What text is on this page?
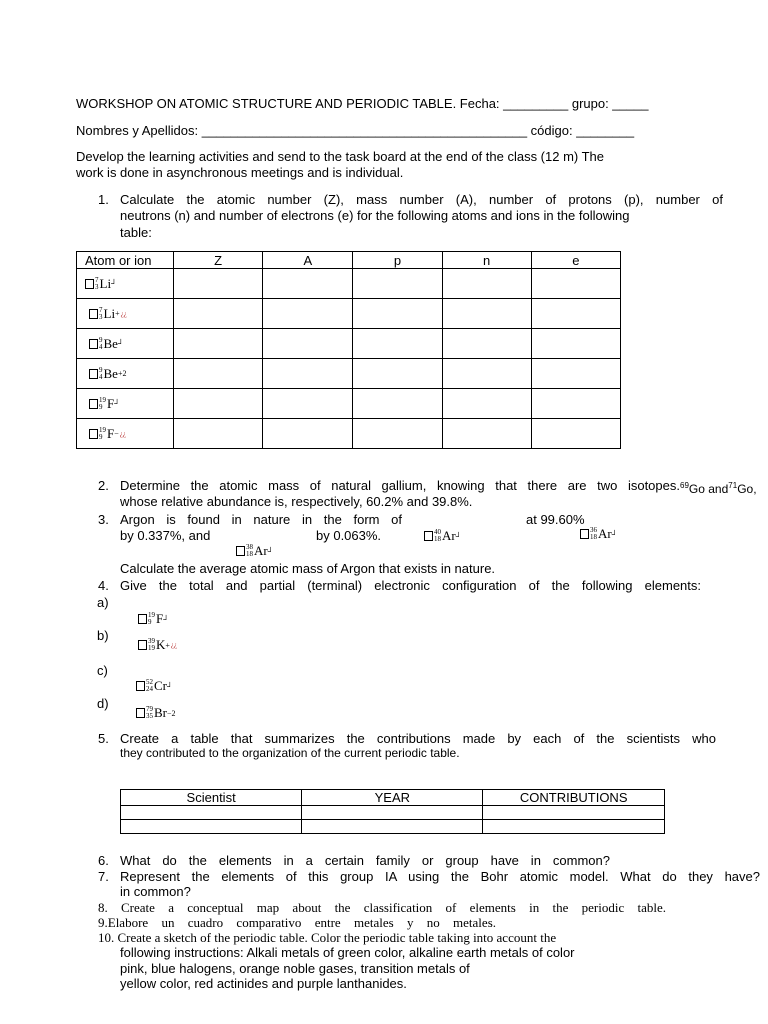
WORKSHOP ON ATOMIC STRUCTURE AND PERIODIC TABLE. Fecha: _________ grupo: _____
Nombres y Apellidos: _____________________________________________ código: ________
Develop the learning activities and send to the task board at the end of the class (12 m) The
work is done in asynchronous meetings and is individual.
1. Calculate the atomic number (Z), mass number (A), number of protons (p), number of
neutrons (n) and number of electrons (e) for the following atoms and ions in the following
table:
Atom or ion	Z	A	p	n	e

7
3 Li ┘					

7
3 Li + ¿¿					

9
4 Be ┘					

9
4 Be +2					

19
9 F ┘					

19
9 F − ¿¿					

2. Determine the atomic mass of natural gallium, knowing that there are two isotopes.$^{69}$Go and$^{71}$Go,
whose relative abundance is, respectively, 60.2% and 39.8%.
3. Argon is found in nature in the form of	at 99.60%
by 0.337%, and	by 0.063%.	40
18 Ar ┘
36
18 Ar ┘
38
18 Ar ┘
Calculate the average atomic mass of Argon that exists in nature.
4. Give the total and partial (terminal) electronic configuration of the following elements:
a)
19
9 F ┘
b)	39
19 K + ¿¿
c)
52
24 Cr ┘
d)	79
35 Br −2
5. Create a table that summarizes the contributions made by each of the scientists who
they contributed to the organization of the current periodic table.
Scientist	YEAR	CONTRIBUTIONS

6. What do the elements in a certain family or group have in common?
7. Represent the elements of this group IA using the Bohr atomic model. What do they have?
in common?
8. Create a conceptual map about the classification of elements in the periodic table.
9.Elabore un cuadro comparativo entre metales y no metales.
10. Create a sketch of the periodic table. Color the periodic table taking into account the
following instructions: Alkali metals of green color, alkaline earth metals of color
pink, blue halogens, orange noble gases, transition metals of
yellow color, red actinides and purple lanthanides.
